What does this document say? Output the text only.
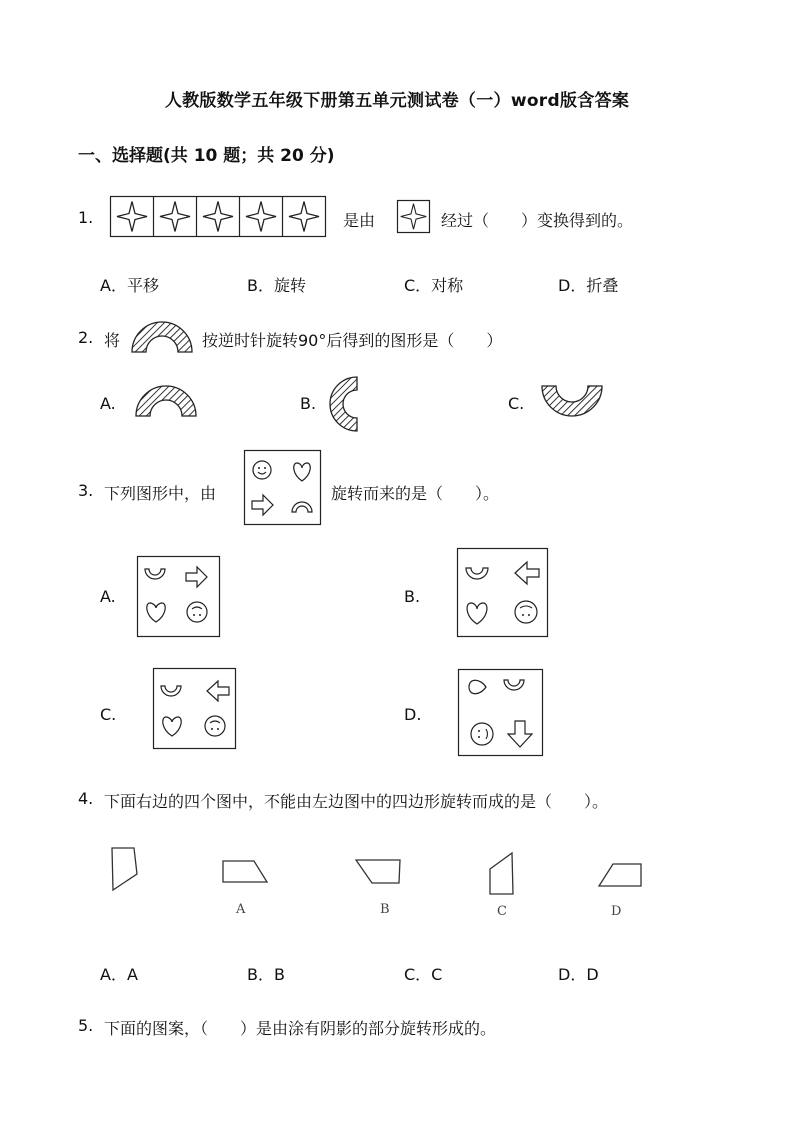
人教版数学五年级下册第五单元测试卷（一）word版含答案
一、选择题(共 10 题；共 20 分)
1.	是由	经过（　　）变换得到的。
A．平移	B．旋转	C．对称	D．折叠
2. 将	按逆时针旋转90°后得到的图形是（　　）
A.	B.	C.
3. 下列图形中，由	旋转而来的是（　　）。
A.	B.
C.	D.
4. 下面右边的四个图中，不能由左边图中的四边形旋转而成的是（　　）。
A	B	C	D
A．A	B．B	C．C	D．D
5. 下面的图案，（　　）是由涂有阴影的部分旋转形成的。
